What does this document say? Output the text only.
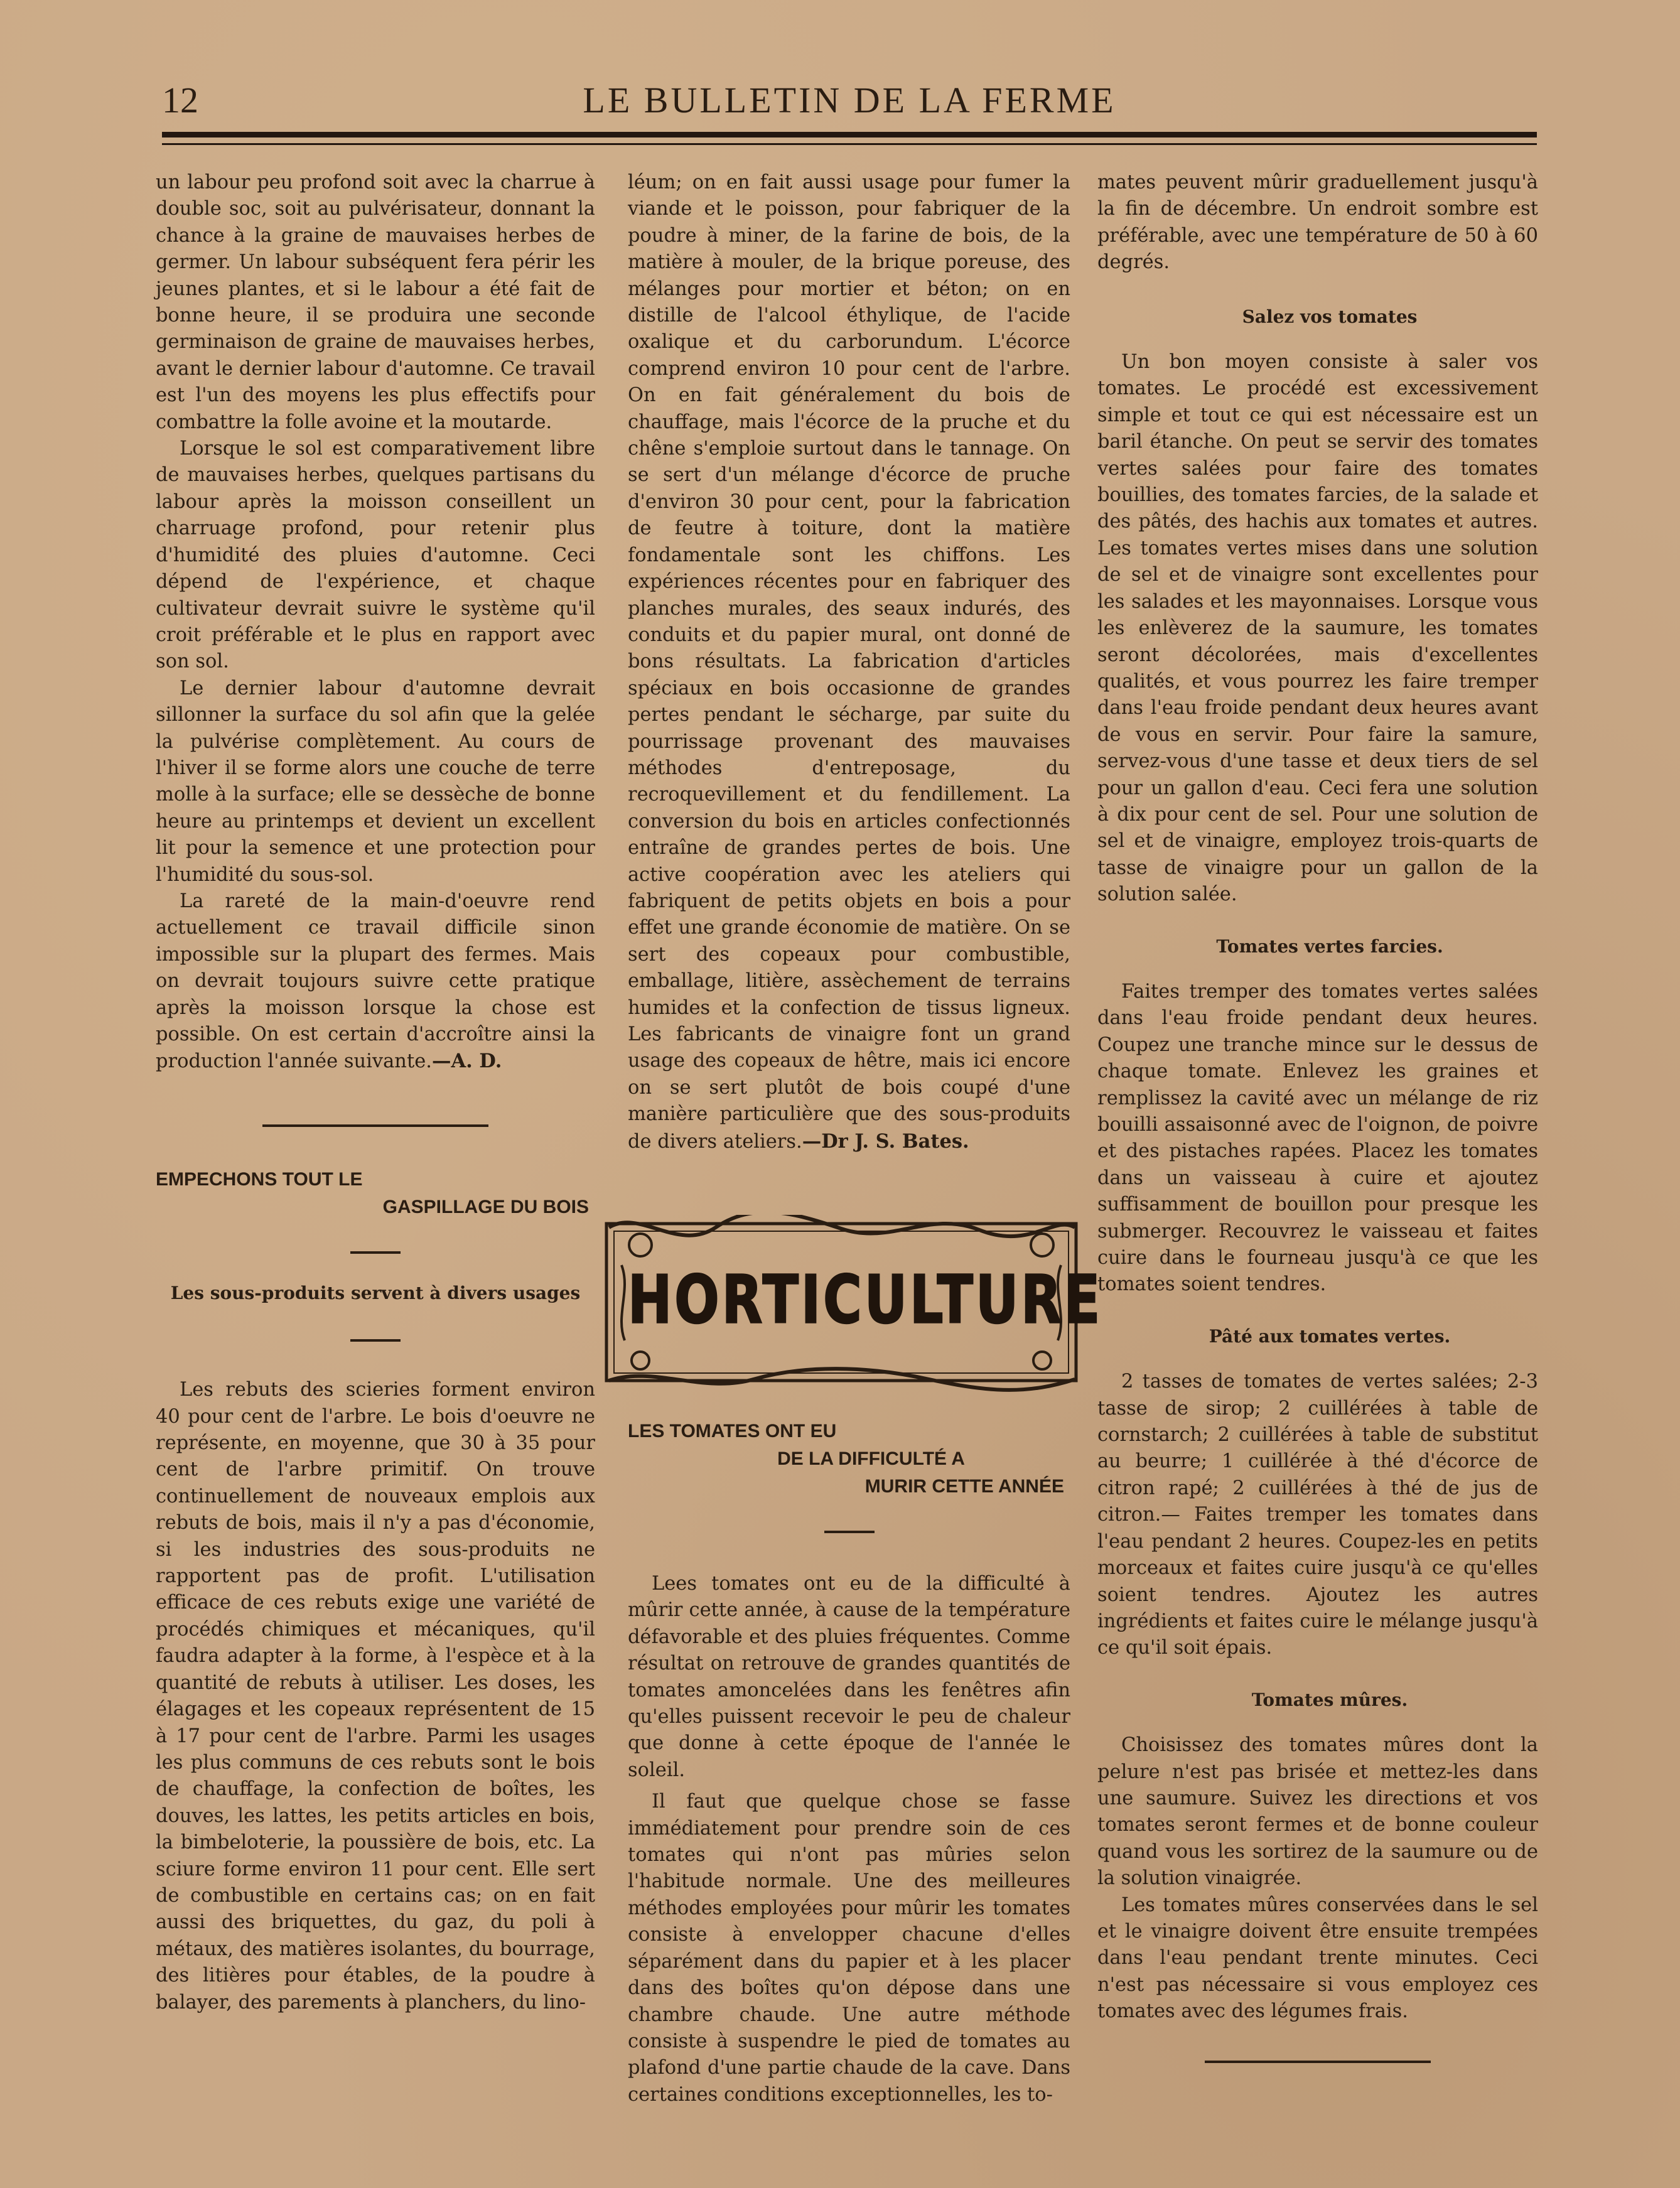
12	LE BULLETIN DE LA FERME

un labour peu profond soit avec la charrue à double soc, soit au pulvérisateur, donnant la chance à la graine de mauvaises herbes de germer. Un labour subséquent fera périr les jeunes plantes, et si le labour a été fait de bonne heure, il se produira une seconde germinaison de graine de mauvaises herbes, avant le dernier labour d'automne. Ce travail est l'un des moyens les plus effectifs pour combattre la folle avoine et la moutarde.

Lorsque le sol est comparativement libre de mauvaises herbes, quelques partisans du labour après la moisson conseillent un charruage profond, pour retenir plus d'humidité des pluies d'automne. Ceci dépend de l'expérience, et chaque cultivateur devrait suivre le système qu'il croit préférable et le plus en rapport avec son sol.

Le dernier labour d'automne devrait sillonner la surface du sol afin que la gelée la pulvérise complètement. Au cours de l'hiver il se forme alors une couche de terre molle à la surface; elle se dessèche de bonne heure au printemps et devient un excellent lit pour la semence et une protection pour l'humidité du sous-sol.

La rareté de la main-d'oeuvre rend actuellement ce travail difficile sinon impossible sur la plupart des fermes. Mais on devrait toujours suivre cette pratique après la moisson lorsque la chose est possible. On est certain d'accroître ainsi la production l'année suivante.—A. D.

EMPECHONS TOUT LE
GASPILLAGE DU BOIS
Les sous-produits servent à divers usages

Les rebuts des scieries forment environ 40 pour cent de l'arbre. Le bois d'oeuvre ne représente, en moyenne, que 30 à 35 pour cent de l'arbre primitif. On trouve continuellement de nouveaux emplois aux rebuts de bois, mais il n'y a pas d'économie, si les industries des sous-produits ne rapportent pas de profit. L'utilisation efficace de ces rebuts exige une variété de procédés chimiques et mécaniques, qu'il faudra adapter à la forme, à l'espèce et à la quantité de rebuts à utiliser. Les doses, les élagages et les copeaux représentent de 15 à 17 pour cent de l'arbre. Parmi les usages les plus communs de ces rebuts sont le bois de chauffage, la confection de boîtes, les douves, les lattes, les petits articles en bois, la bimbeloterie, la poussière de bois, etc. La sciure forme environ 11 pour cent. Elle sert de combustible en certains cas; on en fait aussi des briquettes, du gaz, du poli à métaux, des matières isolantes, du bourrage, des litières pour étables, de la poudre à balayer, des parements à planchers, du lino-

léum; on en fait aussi usage pour fumer la viande et le poisson, pour fabriquer de la poudre à miner, de la farine de bois, de la matière à mouler, de la brique poreuse, des mélanges pour mortier et béton; on en distille de l'alcool éthylique, de l'acide oxalique et du carborundum. L'écorce comprend environ 10 pour cent de l'arbre. On en fait généralement du bois de chauffage, mais l'écorce de la pruche et du chêne s'emploie surtout dans le tannage. On se sert d'un mélange d'écorce de pruche d'environ 30 pour cent, pour la fabrication de feutre à toiture, dont la matière fondamentale sont les chiffons. Les expériences récentes pour en fabriquer des planches murales, des seaux indurés, des conduits et du papier mural, ont donné de bons résultats. La fabrication d'articles spéciaux en bois occasionne de grandes pertes pendant le sécharge, par suite du pourrissage provenant des mauvaises méthodes d'entreposage, du recroquevillement et du fendillement. La conversion du bois en articles confectionnés entraîne de grandes pertes de bois. Une active coopération avec les ateliers qui fabriquent de petits objets en bois a pour effet une grande économie de matière. On se sert des copeaux pour combustible, emballage, litière, assèchement de terrains humides et la confection de tissus ligneux. Les fabricants de vinaigre font un grand usage des copeaux de hêtre, mais ici encore on se sert plutôt de bois coupé d'une manière particulière que des sous-produits de divers ateliers.—Dr J. S. Bates.

HORTICULTURE
LES TOMATES ONT EU
DE LA DIFFICULTÉ A
MURIR CETTE ANNÉE

Lees tomates ont eu de la difficulté à mûrir cette année, à cause de la température défavorable et des pluies fréquentes. Comme résultat on retrouve de grandes quantités de tomates amoncelées dans les fenêtres afin qu'elles puissent recevoir le peu de chaleur que donne à cette époque de l'année le soleil.

Il faut que quelque chose se fasse immédiatement pour prendre soin de ces tomates qui n'ont pas mûries selon l'habitude normale. Une des meilleures méthodes employées pour mûrir les tomates consiste à envelopper chacune d'elles séparément dans du papier et à les placer dans des boîtes qu'on dépose dans une chambre chaude. Une autre méthode consiste à suspendre le pied de tomates au plafond d'une partie chaude de la cave. Dans certaines conditions exceptionnelles, les to-

mates peuvent mûrir graduellement jusqu'à la fin de décembre. Un endroit sombre est préférable, avec une température de 50 à 60 degrés.

Salez vos tomates

Un bon moyen consiste à saler vos tomates. Le procédé est excessivement simple et tout ce qui est nécessaire est un baril étanche. On peut se servir des tomates vertes salées pour faire des tomates bouillies, des tomates farcies, de la salade et des pâtés, des hachis aux tomates et autres. Les tomates vertes mises dans une solution de sel et de vinaigre sont excellentes pour les salades et les mayonnaises. Lorsque vous les enlèverez de la saumure, les tomates seront décolorées, mais d'excellentes qualités, et vous pourrez les faire tremper dans l'eau froide pendant deux heures avant de vous en servir. Pour faire la samure, servez-vous d'une tasse et deux tiers de sel pour un gallon d'eau. Ceci fera une solution à dix pour cent de sel. Pour une solution de sel et de vinaigre, employez trois-quarts de tasse de vinaigre pour un gallon de la solution salée.

Tomates vertes farcies.

Faites tremper des tomates vertes salées dans l'eau froide pendant deux heures. Coupez une tranche mince sur le dessus de chaque tomate. Enlevez les graines et remplissez la cavité avec un mélange de riz bouilli assaisonné avec de l'oignon, de poivre et des pistaches rapées. Placez les tomates dans un vaisseau à cuire et ajoutez suffisamment de bouillon pour presque les submerger. Recouvrez le vaisseau et faites cuire dans le fourneau jusqu'à ce que les tomates soient tendres.

Pâté aux tomates vertes.

2 tasses de tomates de vertes salées; 2-3 tasse de sirop; 2 cuillérées à table de cornstarch; 2 cuillérées à table de substitut au beurre; 1 cuillérée à thé d'écorce de citron rapé; 2 cuillérées à thé de jus de citron.— Faites tremper les tomates dans l'eau pendant 2 heures. Coupez-les en petits morceaux et faites cuire jusqu'à ce qu'elles soient tendres. Ajoutez les autres ingrédients et faites cuire le mélange jusqu'à ce qu'il soit épais.

Tomates mûres.

Choisissez des tomates mûres dont la pelure n'est pas brisée et mettez-les dans une saumure. Suivez les directions et vos tomates seront fermes et de bonne couleur quand vous les sortirez de la saumure ou de la solution vinaigrée.

Les tomates mûres conservées dans le sel et le vinaigre doivent être ensuite trempées dans l'eau pendant trente minutes. Ceci n'est pas nécessaire si vous employez ces tomates avec des légumes frais.
